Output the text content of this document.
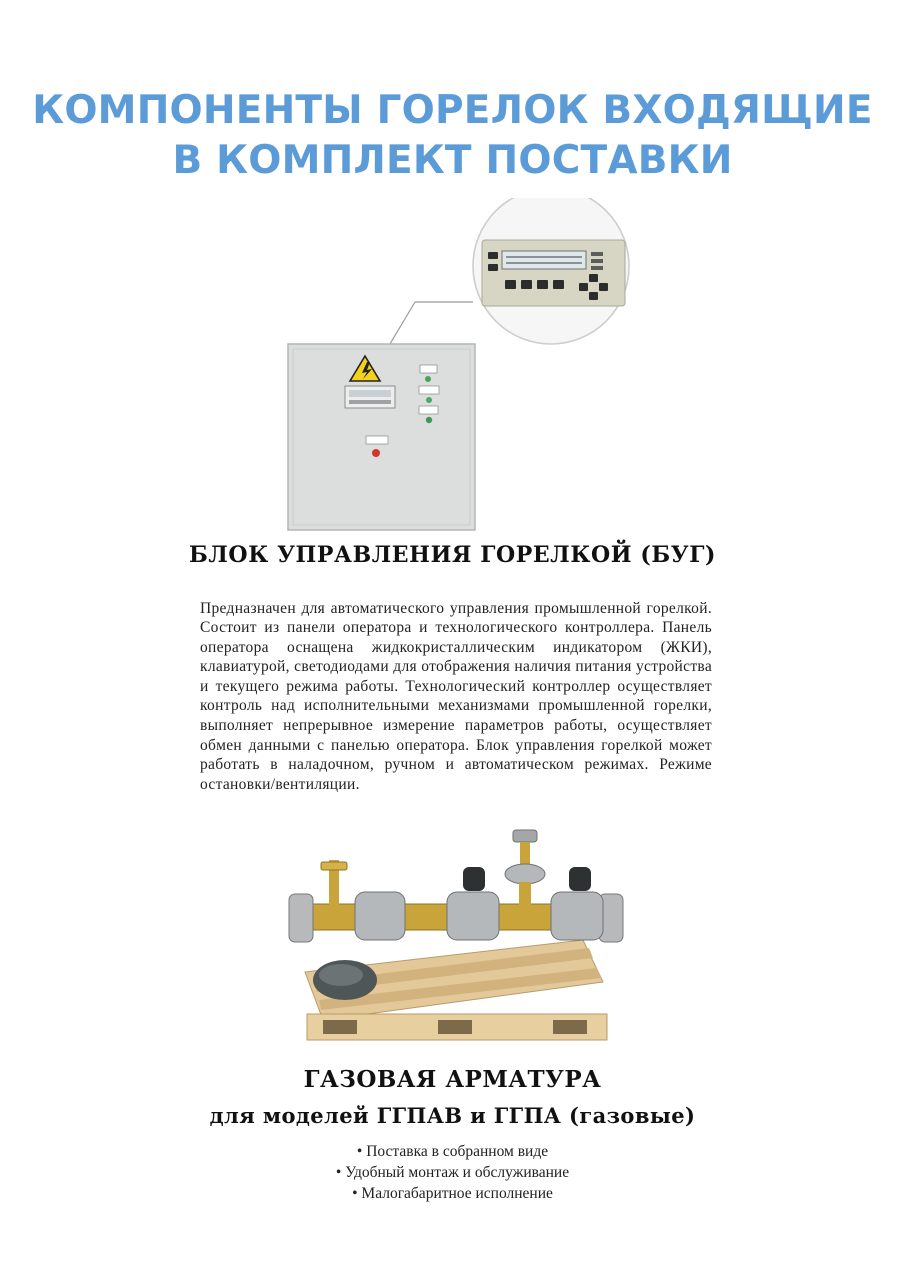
КОМПОНЕНТЫ ГОРЕЛОК ВХОДЯЩИЕ
В КОМПЛЕКТ ПОСТАВКИ
БЛОК УПРАВЛЕНИЯ ГОРЕЛКОЙ (БУГ)

Предназначен для автоматического управления промышленной горелкой. Состоит из панели оператора и технологического контроллера. Панель оператора оснащена жидкокристаллическим индикатором (ЖКИ), клавиатурой, светодиодами для отображения наличия питания устройства и текущего режима работы. Технологический контроллер осуществляет контроль над исполнительными механизмами промышленной горелки, выполняет непрерывное измерение параметров работы, осуществляет обмен данными с панелью оператора. Блок управления горелкой может работать в наладочном, ручном и автоматическом режимах. Режиме остановки/вентиляции.

ГАЗОВАЯ АРМАТУРА
для моделей ГГПАВ и ГГПА (газовые)
• Поставка в собранном виде
• Удобный монтаж и обслуживание
• Малогабаритное исполнение
